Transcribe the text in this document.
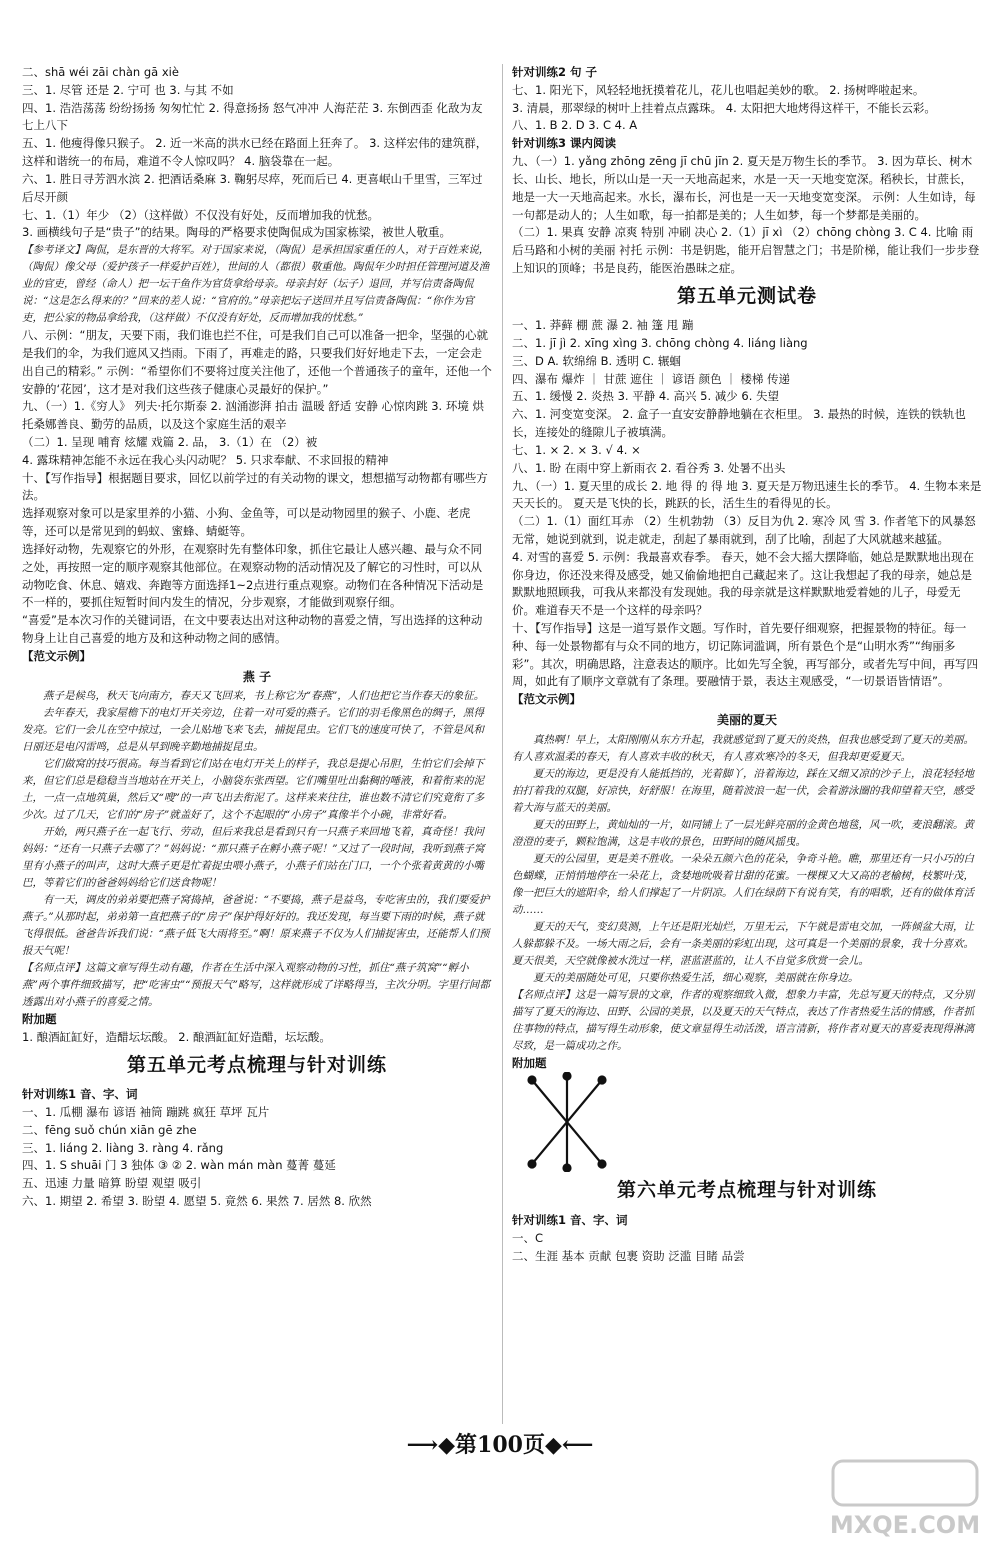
二、shā wéi zāi chàn gā xiè
三、1. 尽管 还是 2. 宁可 也 3. 与其 不如
四、1. 浩浩荡荡 纷纷扬扬 匆匆忙忙 2. 得意扬扬 怒气冲冲 人海茫茫 3. 东倒西歪 化敌为友 七上八下
五、1. 他瘦得像只猴子。 2. 近一米高的洪水已经在路面上狂奔了。 3. 这样宏伟的建筑群，这样和谐统一的布局，难道不令人惊叹吗？ 4. 脑袋靠在一起。
六、1. 胜日寻芳泗水滨 2. 把酒话桑麻 3. 鞠躬尽瘁，死而后已 4. 更喜岷山千里雪，三军过后尽开颜
七、1.（1）年少 （2）（这样做）不仅没有好处，反而增加我的忧愁。
3. 画横线句子是“贵子”的结果。陶母的严格要求使陶侃成为国家栋梁，被世人敬重。
【参考译文】陶侃，是东晋的大将军。对于国家来说，（陶侃）是承担国家重任的人，对于百姓来说，（陶侃）像父母（爱护孩子一样爱护百姓），世间的人（都很）敬重他。陶侃年少时担任管理河道及渔业的官吏，曾经（命人）把一坛干鱼作为官货拿给母亲。母亲封好（坛子）退回，并写信责备陶侃说：“这是怎么得来的？”回来的差人说：“官府的。”母亲把坛子送回并且写信责备陶侃：“你作为官吏，把公家的物品拿给我，（这样做）不仅没有好处，反而增加我的忧愁。”
八、示例：“朋友，天要下雨，我们谁也拦不住，可是我们自己可以准备一把伞，坚强的心就是我们的伞，为我们遮风又挡雨。下雨了，再难走的路，只要我们好好地走下去，一定会走出自己的精彩。” 示例：“希望你们不要将过度关注他了，还他一个普通孩子的童年，还他一个安静的‘花园’，这才是对我们这些孩子健康心灵最好的保护。”
九、（一）1.《穷人》 列夫·托尔斯泰 2. 汹涌澎湃 拍击 温暖 舒适 安静 心惊肉跳 3. 环境 烘托桑娜善良、勤劳的品质，以及这个家庭生活的艰辛
（二）1. 呈现 哺育 炫耀 戏篇 2. 品， 3.（1）在 （2）被
4. 露珠精神怎能不永远在我心头闪动呢？ 5. 只求奉献、不求回报的精神
十、【写作指导】根据题目要求，回忆以前学过的有关动物的课文，想想描写动物都有哪些方法。
选择观察对象可以是家里养的小猫、小狗、金鱼等，可以是动物园里的猴子、小鹿、老虎等，还可以是常见到的蚂蚁、蜜蜂、蜻蜓等。
选择好动物，先观察它的外形，在观察时先有整体印象，抓住它最让人感兴趣、最与众不同之处，再按照一定的顺序观察其他部位。在观察动物的活动情况及了解它的习性时，可以从动物吃食、休息、嬉戏、奔跑等方面选择1~2点进行重点观察。动物们在各种情况下活动是不一样的，要抓住短暂时间内发生的情况，分步观察，才能做到观察仔细。
“喜爱”是本次习作的关键词语，在文中要表达出对这种动物的喜爱之情，写出选择的这种动物身上让自己喜爱的地方及和这种动物之间的感情。
【范文示例】
燕 子
燕子是候鸟，秋天飞向南方，春天又飞回来，书上称它为“春燕”，人们也把它当作春天的象征。
去年春天，我家屋檐下的电灯开关旁边，住着一对可爱的燕子。它们的羽毛像黑色的绸子，黑得发亮。它们一会儿在空中掠过，一会儿贴地飞来飞去，捕捉昆虫。它们飞的速度可快了，不管是风和日丽还是电闪雷鸣，总是从早到晚辛勤地捕捉昆虫。
它们做窝的技巧很高。每当看到它们站在电灯开关上的样子，我总是提心吊胆，生怕它们会掉下来，但它们总是稳稳当当地站在开关上，小脑袋东张西望。它们嘴里吐出黏稠的唾液，和着衔来的泥土，一点一点地筑巢，然后又“嗖”的一声飞出去衔泥了。这样来来往往，谁也数不清它们究竟衔了多少次。过了几天，它们的“房子”就盖好了，这个不起眼的“小房子”真像半个小碗，非常好看。
开始，两只燕子在一起飞行、劳动，但后来我总是看到只有一只燕子来回地飞着，真奇怪！我问妈妈：“还有一只燕子去哪了？”妈妈说：“那只燕子在孵小燕子呢！”又过了一段时间，我听到燕子窝里有小燕子的叫声，这时大燕子更是忙着捉虫喂小燕子，小燕子们站在门口，一个个张着黄黄的小嘴巴，等着它们的爸爸妈妈给它们送食物呢！
有一天，调皮的弟弟要把燕子窝捣掉，爸爸说：“不要捣，燕子是益鸟，专吃害虫的，我们要爱护燕子。”从那时起，弟弟第一直把燕子的“房子”保护得好好的。我还发现，每当要下雨的时候，燕子就飞得很低。爸爸告诉我们说：“燕子低飞大雨将至。”啊！原来燕子不仅为人们捕捉害虫，还能帮人们预报天气呢！
【名师点评】这篇文章写得生动有趣，作者在生活中深入观察动物的习性，抓住“燕子筑窝”“孵小燕”两个事件细致描写，把“吃害虫”“预报天气”略写，这样就形成了详略得当，主次分明。字里行间都透露出对小燕子的喜爱之情。
附加题
1. 酿酒缸缸好，造醋坛坛酸。 2. 酿酒缸缸好造醋，坛坛酸。
第五单元考点梳理与针对训练
针对训练1 音、字、词
一、1. 瓜棚 瀑布 谚语 袖筒 蹦跳 疯狂 草坪 瓦片
二、fēng suǒ chún xiān gē zhe
三、1. liáng 2. liàng 3. ràng 4. rǎng
四、1. S shuāi 门 3 独体 ③ ② 2. wàn mán màn 蔓菁 蔓延
五、迅速 力量 暗算 盼望 观望 吸引
六、1. 期望 2. 希望 3. 盼望 4. 愿望 5. 竟然 6. 果然 7. 居然 8. 欣然
针对训练2 句 子
七、1. 阳光下，风轻轻地抚摸着花儿，花儿也唱起美妙的歌。 2. 扬树哗啦起来。
3. 清晨，那翠绿的树叶上挂着点点露珠。 4. 太阳把大地烤得这样干，不能长云彩。
八、1. B 2. D 3. C 4. A
针对训练3 课内阅读
九、（一）1. yǎng zhōng zēng jī chū jīn 2. 夏天是万物生长的季节。 3. 因为草长、树木长、山长、地长，所以山是一天一天地高起来，水是一天一天地变宽深。稻秧长，甘蔗长，地是一大一天地高起来。水长，瀑布长，河也是一天一天地变宽变深。 示例：人生如诗，每一句都是动人的；人生如歌，每一拍都是美的；人生如梦，每一个梦都是美丽的。
（二）1. 果真 安静 凉爽 特别 冲刷 决心 2.（1）jī xì （2）chōng chòng 3. C 4. 比喻 雨后马路和小树的美丽 衬托 示例：书是钥匙，能开启智慧之门；书是阶梯，能让我们一步步登上知识的顶峰；书是良药，能医治愚昧之症。
第五单元测试卷
一、1. 莽藓 棚 蔗 瀑 2. 袖 篷 甩 蹦
二、1. jī jì 2. xīng xìng 3. chōng chòng 4. liáng liàng
三、D A. 软绵绵 B. 透明 C. 辗蝈
四、瀑布 爆炸 ｜ 甘蔗 遮住 ｜ 谚语 颜色 ｜ 楼梯 传递
五、1. 缓慢 2. 炎热 3. 平静 4. 高兴 5. 减少 6. 失望
六、1. 河变宽变深。 2. 盒子一直安安静静地躺在衣柜里。 3. 最热的时候，连铁的铁轨也长，连接处的缝隙儿子被填满。
七、1. × 2. × 3. √ 4. ×
八、1. 盼 在雨中穿上新雨衣 2. 看谷秀 3. 处暑不出头
九、（一）1. 夏天里的成长 2. 地 得 的 得 地 3. 夏天是万物迅速生长的季节。 4. 生物本来是天天长的。 夏天是飞快的长，跳跃的长，活生生的看得见的长。
（二）1.（1）面红耳赤 （2）生机勃勃 （3）反目为仇 2. 寒冷 风 雪 3. 作者笔下的风暴怒无常，她说到就到，说走就走，刮起了暴雨就到，刮了比喻，刮起了大风就越来越猛。
4. 对雪的喜爱 5. 示例：我最喜欢春季。 春天，她不会大摇大摆降临，她总是默默地出现在你身边，你还没来得及感受，她又偷偷地把自己藏起来了。这让我想起了我的母亲，她总是默默地照顾我，可我从来都没有发现她。我的母亲就是这样默默地爱着她的儿子，母爱无价。难道春天不是一个这样的母亲吗？
十、【写作指导】这是一道写景作文题。写作时，首先要仔细观察，把握景物的特征。每一种、每一处景物都有与众不同的地方，切记陈词滥调，所有景色个是“山明水秀”“绚丽多彩”。其次，明确思路，注意表达的顺序。比如先写全貌，再写部分，或者先写中间，再写四周，如此有了顺序文章就有了条理。要融情于景，表达主观感受，“一切景语皆情语”。
【范文示例】
美丽的夏天
真热啊！早上，太阳刚刚从东方升起，我就感觉到了夏天的炎热，但我也感受到了夏天的美丽。有人喜欢温柔的春天，有人喜欢丰收的秋天，有人喜欢寒冷的冬天，但我却更爱夏天。
夏天的海边，更是没有人能抵挡的，光着脚丫，沿着海边，踩在又细又凉的沙子上，浪花轻轻地拍打着我的双腿，好凉快，好舒服！在海里，随着波浪一起一伏，会着游泳圈的我仰望着天空，感受着大海与蓝天的美丽。
夏天的田野上，黄灿灿的一片，如同铺上了一层光鲜亮丽的金黄色地毯，风一吹，麦浪翻滚。黄澄澄的麦子，颗粒饱满，这是丰收的景色，田野间的随风摇曳。
夏天的公园里，更是美不胜收。一朵朵五颜六色的花朵，争奇斗艳。瞧，那里还有一只小巧的白色蝴蝶，正悄悄地停在一朵花上，贪婪地吮吸着甘甜的花蜜。一棵棵又大又高的老榆树，枝繁叶茂，像一把巨大的遮阳伞，给人们撑起了一片阴凉。人们在绿荫下有说有笑，有的唱歌，还有的做体育活动……
夏天的天气，变幻莫测，上午还是阳光灿烂，万里无云，下午就是雷电交加，一阵倾盆大雨，让人躲都躲不及。一场大雨之后，会有一条美丽的彩虹出现，这可真是一个美丽的景象，我十分喜欢。夏天很美，天空就像被水洗过一样，湛蓝湛蓝的，让人不自觉多欣赏一会儿。
夏天的美丽随处可见，只要你热爱生活，细心观察，美丽就在你身边。
【名师点评】这是一篇写景的文章，作者的观察细致入微，想象力丰富，先总写夏天的特点，又分别描写了夏天的海边、田野、公园的美景，以及夏天的天气特点，表达了作者热爱生活的情感，作者抓住事物的特点，描写得生动形象，使文章显得生动活泼，语言清新，将作者对夏天的喜爱表现得淋漓尽致，是一篇成功之作。
附加题
第六单元考点梳理与针对训练
针对训练1 音、字、词
一、C
二、生涯 基本 贡献 包裹 资助 泛滥 目睹 品尝
⟶◆第100页◆⟵
MXQE.COM
